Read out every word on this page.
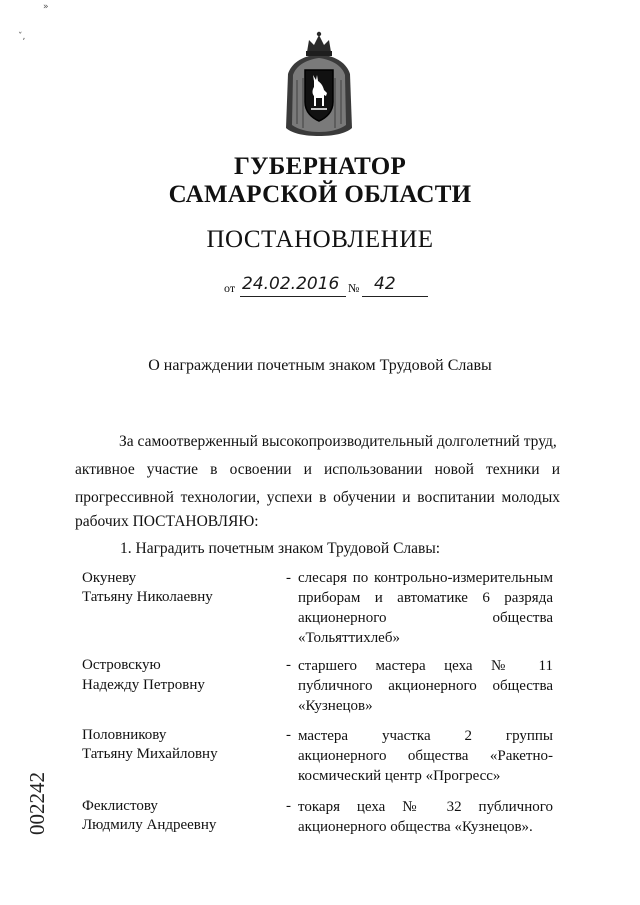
»
ˇ,
ГУБЕРНАТОР
САМАРСКОЙ ОБЛАСТИ
ПОСТАНОВЛЕНИЕ
от 24.02.2016 № 42
О награждении почетным знаком Трудовой Славы
За самоотверженный высокопроизводительный долголетний труд,
активное участие в освоении и использовании новой техники и
прогрессивной технологии, успехи в обучении и воспитании молодых
рабочих ПОСТАНОВЛЯЮ:
1. Наградить почетным знаком Трудовой Славы:
Окуневу
Татьяну Николаевну
- слесаря по контрольно-измерительным приборам и автоматике 6 разряда акционерного общества «Тольяттихлеб»
Островскую
Надежду Петровну
- старшего мастера цеха № 11 публичного акционерного общества «Кузнецов»
Половникову
Татьяну Михайловну
- мастера участка 2 группы акционерного общества «Ракетно-космический центр «Прогресс»
Феклистову
Людмилу Андреевну
- токаря цеха № 32 публичного акционерного общества «Кузнецов».
002242
